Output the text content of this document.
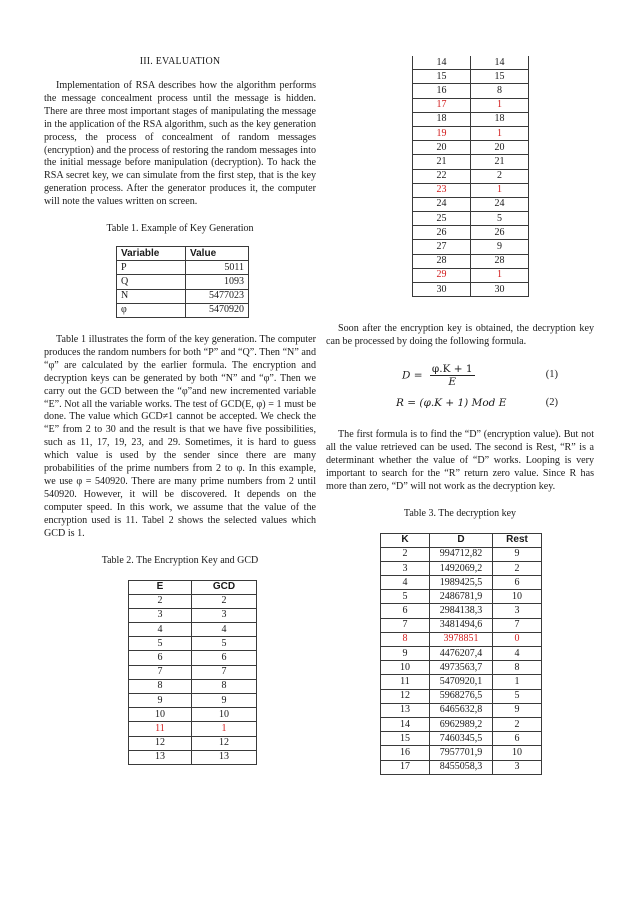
III. EVALUATION

Implementation of RSA describes how the algorithm performs the message concealment process until the message is hidden. There are three most important stages of manipulating the message in the application of the RSA algorithm, such as the key generation process, the process of concealment of random messages (encryption) and the process of restoring the random messages into the initial message before manipulation (decryption). To hack the RSA secret key, we can simulate from the first step, that is the key generation process. After the generator produces it, the computer will note the values written on screen.

Table 1. Example of Key Generation
Variable	Value
P	5011
Q	1093
N	5477023
φ	5470920

Table 1 illustrates the form of the key generation. The computer produces the random numbers for both “P” and “Q”. Then “N” and “φ” are calculated by the earlier formula. The encryption and decryption keys can be generated by both “N” and “φ”. Then we carry out the GCD between the “φ”and new incremented variable “E”. Not all the variable works. The test of GCD(E, φ) = 1 must be done. The value which GCD≠1 cannot be accepted. We check the “E” from 2 to 30 and the result is that we have five possibilities, such as 11, 17, 19, 23, and 29. Sometimes, it is hard to guess which value is used by the sender since there are many probabilities of the prime numbers from 2 to φ. In this example, we use φ = 540920. There are many prime numbers from 2 until 540920. However, it will be discovered. It depends on the computer speed. In this work, we assume that the value of the encryption used is 11. Tabel 2 shows the selected values which GCD is 1.

Table 2. The Encryption Key and GCD
E	GCD
2	2
3	3
4	4
5	5
6	6
7	7
8	8
9	9
10	10
11	1
12	12
13	13
14	14
15	15
16	8
17	1
18	18
19	1
20	20
21	21
22	2
23	1
24	24
25	5
26	26
27	9
28	28
29	1
30	30

Soon after the encryption key is obtained, the decryption key can be processed by doing the following formula.

$D = \frac{\varphi.K + 1}{E}$	(1)
R = (φ.K + 1) Mod E	(2)

The first formula is to find the “D” (encryption value). But not all the value retrieved can be used. The second is Rest, “R” is a determinant whether the value of “D” works. Looping is very important to search for the “R” return zero value. Since R has more than zero, “D” will not work as the decryption key.

Table 3. The decryption key
K	D	Rest
2	994712,82	9
3	1492069,2	2
4	1989425,5	6
5	2486781,9	10
6	2984138,3	3
7	3481494,6	7
8	3978851	0
9	4476207,4	4
10	4973563,7	8
11	5470920,1	1
12	5968276,5	5
13	6465632,8	9
14	6962989,2	2
15	7460345,5	6
16	7957701,9	10
17	8455058,3	3
